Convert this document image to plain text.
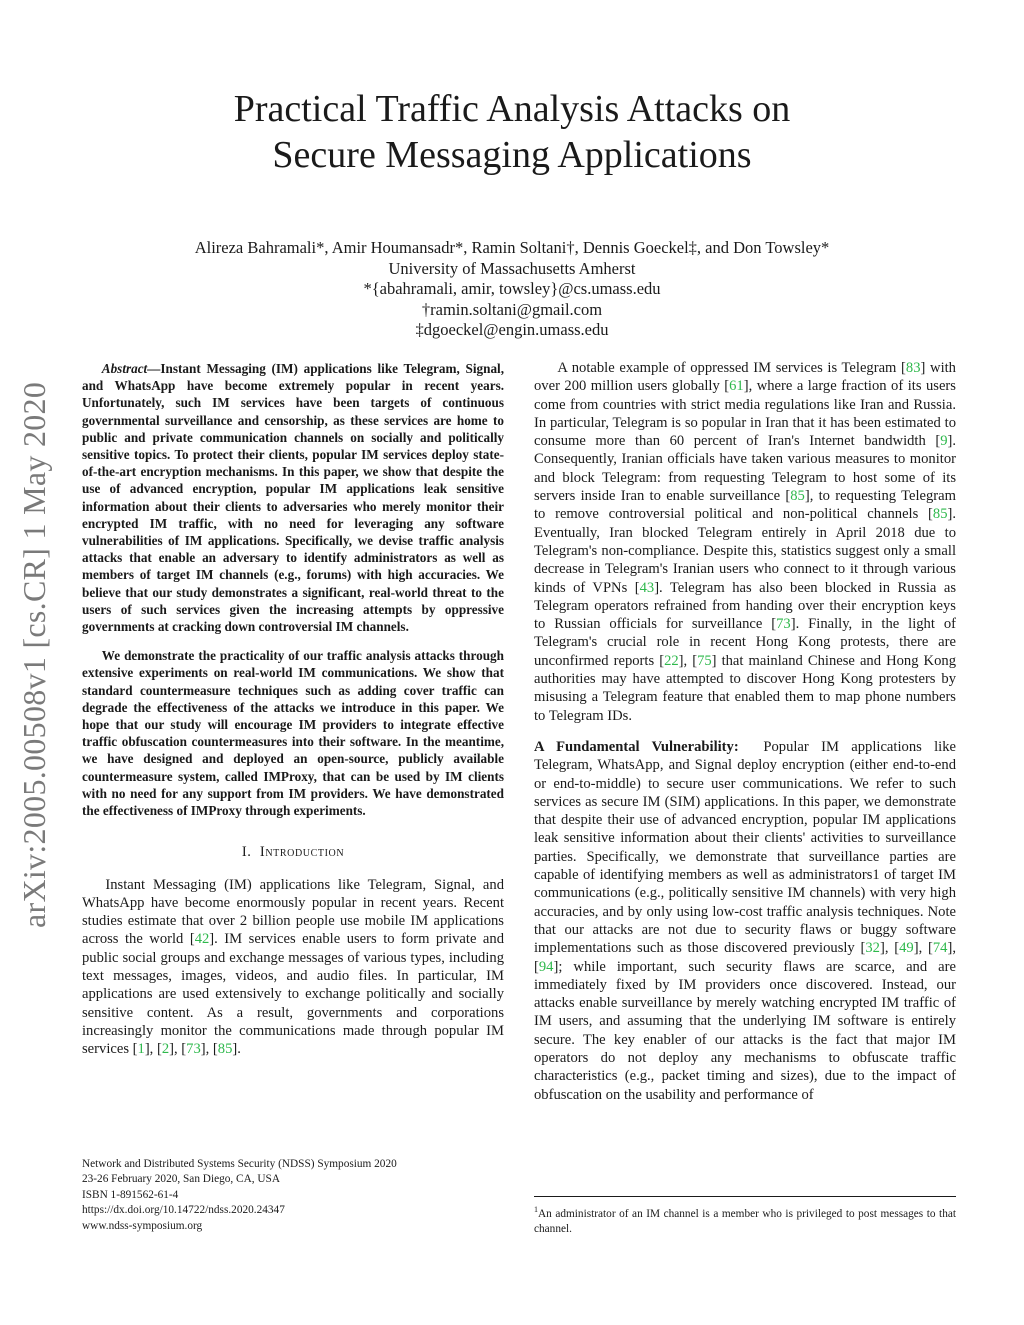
arXiv:2005.00508v1 [cs.CR] 1 May 2020
Practical Traffic Analysis Attacks on
Secure Messaging Applications
Alireza Bahramali*, Amir Houmansadr*, Ramin Soltani†, Dennis Goeckel‡, and Don Towsley*
University of Massachusetts Amherst
*{abahramali, amir, towsley}@cs.umass.edu
†ramin.soltani@gmail.com
‡dgoeckel@engin.umass.edu

Abstract—Instant Messaging (IM) applications like Telegram, Signal, and WhatsApp have become extremely popular in recent years. Unfortunately, such IM services have been targets of continuous governmental surveillance and censorship, as these services are home to public and private communication channels on socially and politically sensitive topics. To protect their clients, popular IM services deploy state-of-the-art encryption mechanisms. In this paper, we show that despite the use of advanced encryption, popular IM applications leak sensitive information about their clients to adversaries who merely monitor their encrypted IM traffic, with no need for leveraging any software vulnerabilities of IM applications. Specifically, we devise traffic analysis attacks that enable an adversary to identify administrators as well as members of target IM channels (e.g., forums) with high accuracies. We believe that our study demonstrates a significant, real-world threat to the users of such services given the increasing attempts by oppressive governments at cracking down controversial IM channels.

We demonstrate the practicality of our traffic analysis attacks through extensive experiments on real-world IM communications. We show that standard countermeasure techniques such as adding cover traffic can degrade the effectiveness of the attacks we introduce in this paper. We hope that our study will encourage IM providers to integrate effective traffic obfuscation countermeasures into their software. In the meantime, we have designed and deployed an open-source, publicly available countermeasure system, called IMProxy, that can be used by IM clients with no need for any support from IM providers. We have demonstrated the effectiveness of IMProxy through experiments.

I. Introduction

Instant Messaging (IM) applications like Telegram, Signal, and WhatsApp have become enormously popular in recent years. Recent studies estimate that over 2 billion people use mobile IM applications across the world [42]. IM services enable users to form private and public social groups and exchange messages of various types, including text messages, images, videos, and audio files. In particular, IM applications are used extensively to exchange politically and socially sensitive content. As a result, governments and corporations increasingly monitor the communications made through popular IM services [1], [2], [73], [85].

A notable example of oppressed IM services is Telegram [83] with over 200 million users globally [61], where a large fraction of its users come from countries with strict media regulations like Iran and Russia. In particular, Telegram is so popular in Iran that it has been estimated to consume more than 60 percent of Iran's Internet bandwidth [9]. Consequently, Iranian officials have taken various measures to monitor and block Telegram: from requesting Telegram to host some of its servers inside Iran to enable surveillance [85], to requesting Telegram to remove controversial political and non-political channels [85]. Eventually, Iran blocked Telegram entirely in April 2018 due to Telegram's non-compliance. Despite this, statistics suggest only a small decrease in Telegram's Iranian users who connect to it through various kinds of VPNs [43]. Telegram has also been blocked in Russia as Telegram operators refrained from handing over their encryption keys to Russian officials for surveillance [73]. Finally, in the light of Telegram's crucial role in recent Hong Kong protests, there are unconfirmed reports [22], [75] that mainland Chinese and Hong Kong authorities may have attempted to discover Hong Kong protesters by misusing a Telegram feature that enabled them to map phone numbers to Telegram IDs.

A Fundamental Vulnerability: Popular IM applications like Telegram, WhatsApp, and Signal deploy encryption (either end-to-end or end-to-middle) to secure user communications. We refer to such services as secure IM (SIM) applications. In this paper, we demonstrate that despite their use of advanced encryption, popular IM applications leak sensitive information about their clients' activities to surveillance parties. Specifically, we demonstrate that surveillance parties are capable of identifying members as well as administrators1 of target IM communications (e.g., politically sensitive IM channels) with very high accuracies, and by only using low-cost traffic analysis techniques. Note that our attacks are not due to security flaws or buggy software implementations such as those discovered previously [32], [49], [74], [94]; while important, such security flaws are scarce, and are immediately fixed by IM providers once discovered. Instead, our attacks enable surveillance by merely watching encrypted IM traffic of IM users, and assuming that the underlying IM software is entirely secure. The key enabler of our attacks is the fact that major IM operators do not deploy any mechanisms to obfuscate traffic characteristics (e.g., packet timing and sizes), due to the impact of obfuscation on the usability and performance of

Network and Distributed Systems Security (NDSS) Symposium 2020
23-26 February 2020, San Diego, CA, USA
ISBN 1-891562-61-4
https://dx.doi.org/10.14722/ndss.2020.24347
www.ndss-symposium.org
$^1$An administrator of an IM channel is a member who is privileged to post messages to that channel.
